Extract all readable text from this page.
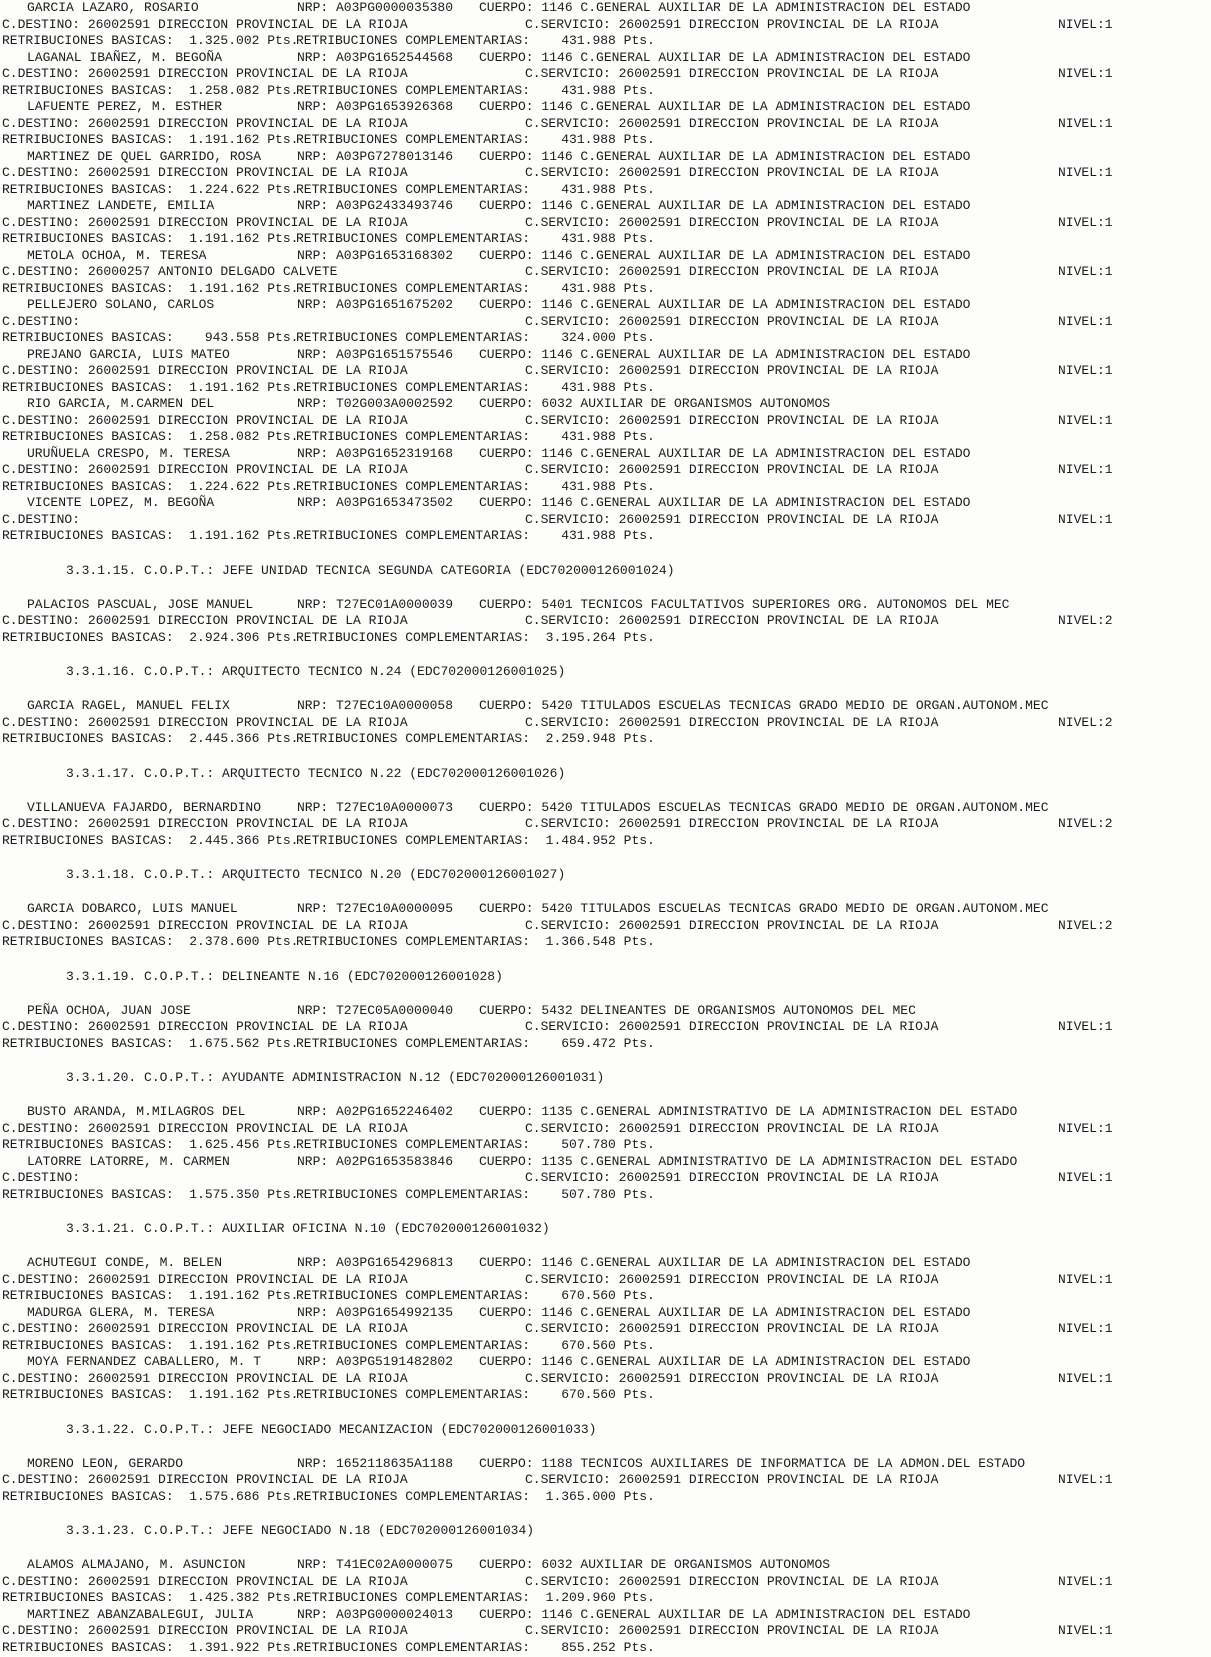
GARCIA LAZARO, ROSARIO	NRP: A03PG0000035380 CUERPO: 1146 C.GENERAL AUXILIAR DE LA ADMINISTRACION DEL ESTADO
C.DESTINO: 26002591 DIRECCION PROVINCIAL DE LA RIOJA	C.SERVICIO: 26002591 DIRECCION PROVINCIAL DE LA RIOJA	NIVEL:1
RETRIBUCIONES BASICAS:  1.325.002 Pts.
RETRIBUCIONES COMPLEMENTARIAS:    431.988 Pts.
LAGANAL IBAÑEZ, M. BEGOÑA	NRP: A03PG1652544568 CUERPO: 1146 C.GENERAL AUXILIAR DE LA ADMINISTRACION DEL ESTADO
C.DESTINO: 26002591 DIRECCION PROVINCIAL DE LA RIOJA	C.SERVICIO: 26002591 DIRECCION PROVINCIAL DE LA RIOJA	NIVEL:1
RETRIBUCIONES BASICAS:  1.258.082 Pts.
RETRIBUCIONES COMPLEMENTARIAS:    431.988 Pts.
LAFUENTE PEREZ, M. ESTHER	NRP: A03PG1653926368 CUERPO: 1146 C.GENERAL AUXILIAR DE LA ADMINISTRACION DEL ESTADO
C.DESTINO: 26002591 DIRECCION PROVINCIAL DE LA RIOJA	C.SERVICIO: 26002591 DIRECCION PROVINCIAL DE LA RIOJA	NIVEL:1
RETRIBUCIONES BASICAS:  1.191.162 Pts.
RETRIBUCIONES COMPLEMENTARIAS:    431.988 Pts.
MARTINEZ DE QUEL GARRIDO, ROSA	NRP: A03PG7278013146 CUERPO: 1146 C.GENERAL AUXILIAR DE LA ADMINISTRACION DEL ESTADO
C.DESTINO: 26002591 DIRECCION PROVINCIAL DE LA RIOJA	C.SERVICIO: 26002591 DIRECCION PROVINCIAL DE LA RIOJA	NIVEL:1
RETRIBUCIONES BASICAS:  1.224.622 Pts.
RETRIBUCIONES COMPLEMENTARIAS:    431.988 Pts.
MARTINEZ LANDETE, EMILIA	NRP: A03PG2433493746 CUERPO: 1146 C.GENERAL AUXILIAR DE LA ADMINISTRACION DEL ESTADO
C.DESTINO: 26002591 DIRECCION PROVINCIAL DE LA RIOJA	C.SERVICIO: 26002591 DIRECCION PROVINCIAL DE LA RIOJA	NIVEL:1
RETRIBUCIONES BASICAS:  1.191.162 Pts.
RETRIBUCIONES COMPLEMENTARIAS:    431.988 Pts.
METOLA OCHOA, M. TERESA	NRP: A03PG1653168302 CUERPO: 1146 C.GENERAL AUXILIAR DE LA ADMINISTRACION DEL ESTADO
C.DESTINO: 26000257 ANTONIO DELGADO CALVETE	C.SERVICIO: 26002591 DIRECCION PROVINCIAL DE LA RIOJA	NIVEL:1
RETRIBUCIONES BASICAS:  1.191.162 Pts.
RETRIBUCIONES COMPLEMENTARIAS:    431.988 Pts.
PELLEJERO SOLANO, CARLOS	NRP: A03PG1651675202 CUERPO: 1146 C.GENERAL AUXILIAR DE LA ADMINISTRACION DEL ESTADO
C.DESTINO:	C.SERVICIO: 26002591 DIRECCION PROVINCIAL DE LA RIOJA	NIVEL:1
RETRIBUCIONES BASICAS:    943.558 Pts.
RETRIBUCIONES COMPLEMENTARIAS:    324.000 Pts.
PREJANO GARCIA, LUIS MATEO	NRP: A03PG1651575546 CUERPO: 1146 C.GENERAL AUXILIAR DE LA ADMINISTRACION DEL ESTADO
C.DESTINO: 26002591 DIRECCION PROVINCIAL DE LA RIOJA	C.SERVICIO: 26002591 DIRECCION PROVINCIAL DE LA RIOJA	NIVEL:1
RETRIBUCIONES BASICAS:  1.191.162 Pts.
RETRIBUCIONES COMPLEMENTARIAS:    431.988 Pts.
RIO GARCIA, M.CARMEN DEL	NRP: T02G003A0002592 CUERPO: 6032 AUXILIAR DE ORGANISMOS AUTONOMOS
C.DESTINO: 26002591 DIRECCION PROVINCIAL DE LA RIOJA	C.SERVICIO: 26002591 DIRECCION PROVINCIAL DE LA RIOJA	NIVEL:1
RETRIBUCIONES BASICAS:  1.258.082 Pts.
RETRIBUCIONES COMPLEMENTARIAS:    431.988 Pts.
URUÑUELA CRESPO, M. TERESA	NRP: A03PG1652319168 CUERPO: 1146 C.GENERAL AUXILIAR DE LA ADMINISTRACION DEL ESTADO
C.DESTINO: 26002591 DIRECCION PROVINCIAL DE LA RIOJA	C.SERVICIO: 26002591 DIRECCION PROVINCIAL DE LA RIOJA	NIVEL:1
RETRIBUCIONES BASICAS:  1.224.622 Pts.
RETRIBUCIONES COMPLEMENTARIAS:    431.988 Pts.
VICENTE LOPEZ, M. BEGOÑA	NRP: A03PG1653473502 CUERPO: 1146 C.GENERAL AUXILIAR DE LA ADMINISTRACION DEL ESTADO
C.DESTINO:	C.SERVICIO: 26002591 DIRECCION PROVINCIAL DE LA RIOJA	NIVEL:1
RETRIBUCIONES BASICAS:  1.191.162 Pts.
RETRIBUCIONES COMPLEMENTARIAS:    431.988 Pts.
3.3.1.15. C.O.P.T.: JEFE UNIDAD TECNICA SEGUNDA CATEGORIA (EDC702000126001024)
PALACIOS PASCUAL, JOSE MANUEL	NRP: T27EC01A0000039 CUERPO: 5401 TECNICOS FACULTATIVOS SUPERIORES ORG. AUTONOMOS DEL MEC
C.DESTINO: 26002591 DIRECCION PROVINCIAL DE LA RIOJA	C.SERVICIO: 26002591 DIRECCION PROVINCIAL DE LA RIOJA	NIVEL:2
RETRIBUCIONES BASICAS:  2.924.306 Pts.
RETRIBUCIONES COMPLEMENTARIAS:  3.195.264 Pts.
3.3.1.16. C.O.P.T.: ARQUITECTO TECNICO N.24 (EDC702000126001025)
GARCIA RAGEL, MANUEL FELIX	NRP: T27EC10A0000058 CUERPO: 5420 TITULADOS ESCUELAS TECNICAS GRADO MEDIO DE ORGAN.AUTONOM.MEC
C.DESTINO: 26002591 DIRECCION PROVINCIAL DE LA RIOJA	C.SERVICIO: 26002591 DIRECCION PROVINCIAL DE LA RIOJA	NIVEL:2
RETRIBUCIONES BASICAS:  2.445.366 Pts.
RETRIBUCIONES COMPLEMENTARIAS:  2.259.948 Pts.
3.3.1.17. C.O.P.T.: ARQUITECTO TECNICO N.22 (EDC702000126001026)
VILLANUEVA FAJARDO, BERNARDINO	NRP: T27EC10A0000073 CUERPO: 5420 TITULADOS ESCUELAS TECNICAS GRADO MEDIO DE ORGAN.AUTONOM.MEC
C.DESTINO: 26002591 DIRECCION PROVINCIAL DE LA RIOJA	C.SERVICIO: 26002591 DIRECCION PROVINCIAL DE LA RIOJA	NIVEL:2
RETRIBUCIONES BASICAS:  2.445.366 Pts.
RETRIBUCIONES COMPLEMENTARIAS:  1.484.952 Pts.
3.3.1.18. C.O.P.T.: ARQUITECTO TECNICO N.20 (EDC702000126001027)
GARCIA DOBARCO, LUIS MANUEL	NRP: T27EC10A0000095 CUERPO: 5420 TITULADOS ESCUELAS TECNICAS GRADO MEDIO DE ORGAN.AUTONOM.MEC
C.DESTINO: 26002591 DIRECCION PROVINCIAL DE LA RIOJA	C.SERVICIO: 26002591 DIRECCION PROVINCIAL DE LA RIOJA	NIVEL:2
RETRIBUCIONES BASICAS:  2.378.600 Pts.
RETRIBUCIONES COMPLEMENTARIAS:  1.366.548 Pts.
3.3.1.19. C.O.P.T.: DELINEANTE N.16 (EDC702000126001028)
PEÑA OCHOA, JUAN JOSE	NRP: T27EC05A0000040 CUERPO: 5432 DELINEANTES DE ORGANISMOS AUTONOMOS DEL MEC
C.DESTINO: 26002591 DIRECCION PROVINCIAL DE LA RIOJA	C.SERVICIO: 26002591 DIRECCION PROVINCIAL DE LA RIOJA	NIVEL:1
RETRIBUCIONES BASICAS:  1.675.562 Pts.
RETRIBUCIONES COMPLEMENTARIAS:    659.472 Pts.
3.3.1.20. C.O.P.T.: AYUDANTE ADMINISTRACION N.12 (EDC702000126001031)
BUSTO ARANDA, M.MILAGROS DEL	NRP: A02PG1652246402 CUERPO: 1135 C.GENERAL ADMINISTRATIVO DE LA ADMINISTRACION DEL ESTADO
C.DESTINO: 26002591 DIRECCION PROVINCIAL DE LA RIOJA	C.SERVICIO: 26002591 DIRECCION PROVINCIAL DE LA RIOJA	NIVEL:1
RETRIBUCIONES BASICAS:  1.625.456 Pts.
RETRIBUCIONES COMPLEMENTARIAS:    507.780 Pts.
LATORRE LATORRE, M. CARMEN	NRP: A02PG1653583846 CUERPO: 1135 C.GENERAL ADMINISTRATIVO DE LA ADMINISTRACION DEL ESTADO
C.DESTINO:	C.SERVICIO: 26002591 DIRECCION PROVINCIAL DE LA RIOJA	NIVEL:1
RETRIBUCIONES BASICAS:  1.575.350 Pts.
RETRIBUCIONES COMPLEMENTARIAS:    507.780 Pts.
3.3.1.21. C.O.P.T.: AUXILIAR OFICINA N.10 (EDC702000126001032)
ACHUTEGUI CONDE, M. BELEN	NRP: A03PG1654296813 CUERPO: 1146 C.GENERAL AUXILIAR DE LA ADMINISTRACION DEL ESTADO
C.DESTINO: 26002591 DIRECCION PROVINCIAL DE LA RIOJA	C.SERVICIO: 26002591 DIRECCION PROVINCIAL DE LA RIOJA	NIVEL:1
RETRIBUCIONES BASICAS:  1.191.162 Pts.
RETRIBUCIONES COMPLEMENTARIAS:    670.560 Pts.
MADURGA GLERA, M. TERESA	NRP: A03PG1654992135 CUERPO: 1146 C.GENERAL AUXILIAR DE LA ADMINISTRACION DEL ESTADO
C.DESTINO: 26002591 DIRECCION PROVINCIAL DE LA RIOJA	C.SERVICIO: 26002591 DIRECCION PROVINCIAL DE LA RIOJA	NIVEL:1
RETRIBUCIONES BASICAS:  1.191.162 Pts.
RETRIBUCIONES COMPLEMENTARIAS:    670.560 Pts.
MOYA FERNANDEZ CABALLERO, M. T	NRP: A03PG5191482802 CUERPO: 1146 C.GENERAL AUXILIAR DE LA ADMINISTRACION DEL ESTADO
C.DESTINO: 26002591 DIRECCION PROVINCIAL DE LA RIOJA	C.SERVICIO: 26002591 DIRECCION PROVINCIAL DE LA RIOJA	NIVEL:1
RETRIBUCIONES BASICAS:  1.191.162 Pts.
RETRIBUCIONES COMPLEMENTARIAS:    670.560 Pts.
3.3.1.22. C.O.P.T.: JEFE NEGOCIADO MECANIZACION (EDC702000126001033)
MORENO LEON, GERARDO	NRP: 1652118635A1188 CUERPO: 1188 TECNICOS AUXILIARES DE INFORMATICA DE LA ADMON.DEL ESTADO
C.DESTINO: 26002591 DIRECCION PROVINCIAL DE LA RIOJA	C.SERVICIO: 26002591 DIRECCION PROVINCIAL DE LA RIOJA	NIVEL:1
RETRIBUCIONES BASICAS:  1.575.686 Pts.
RETRIBUCIONES COMPLEMENTARIAS:  1.365.000 Pts.
3.3.1.23. C.O.P.T.: JEFE NEGOCIADO N.18 (EDC702000126001034)
ALAMOS ALMAJANO, M. ASUNCION	NRP: T41EC02A0000075 CUERPO: 6032 AUXILIAR DE ORGANISMOS AUTONOMOS
C.DESTINO: 26002591 DIRECCION PROVINCIAL DE LA RIOJA	C.SERVICIO: 26002591 DIRECCION PROVINCIAL DE LA RIOJA	NIVEL:1
RETRIBUCIONES BASICAS:  1.425.382 Pts.
RETRIBUCIONES COMPLEMENTARIAS:  1.209.960 Pts.
MARTINEZ ABANZABALEGUI, JULIA	NRP: A03PG0000024013 CUERPO: 1146 C.GENERAL AUXILIAR DE LA ADMINISTRACION DEL ESTADO
C.DESTINO: 26002591 DIRECCION PROVINCIAL DE LA RIOJA	C.SERVICIO: 26002591 DIRECCION PROVINCIAL DE LA RIOJA	NIVEL:1
RETRIBUCIONES BASICAS:  1.391.922 Pts.
RETRIBUCIONES COMPLEMENTARIAS:    855.252 Pts.
